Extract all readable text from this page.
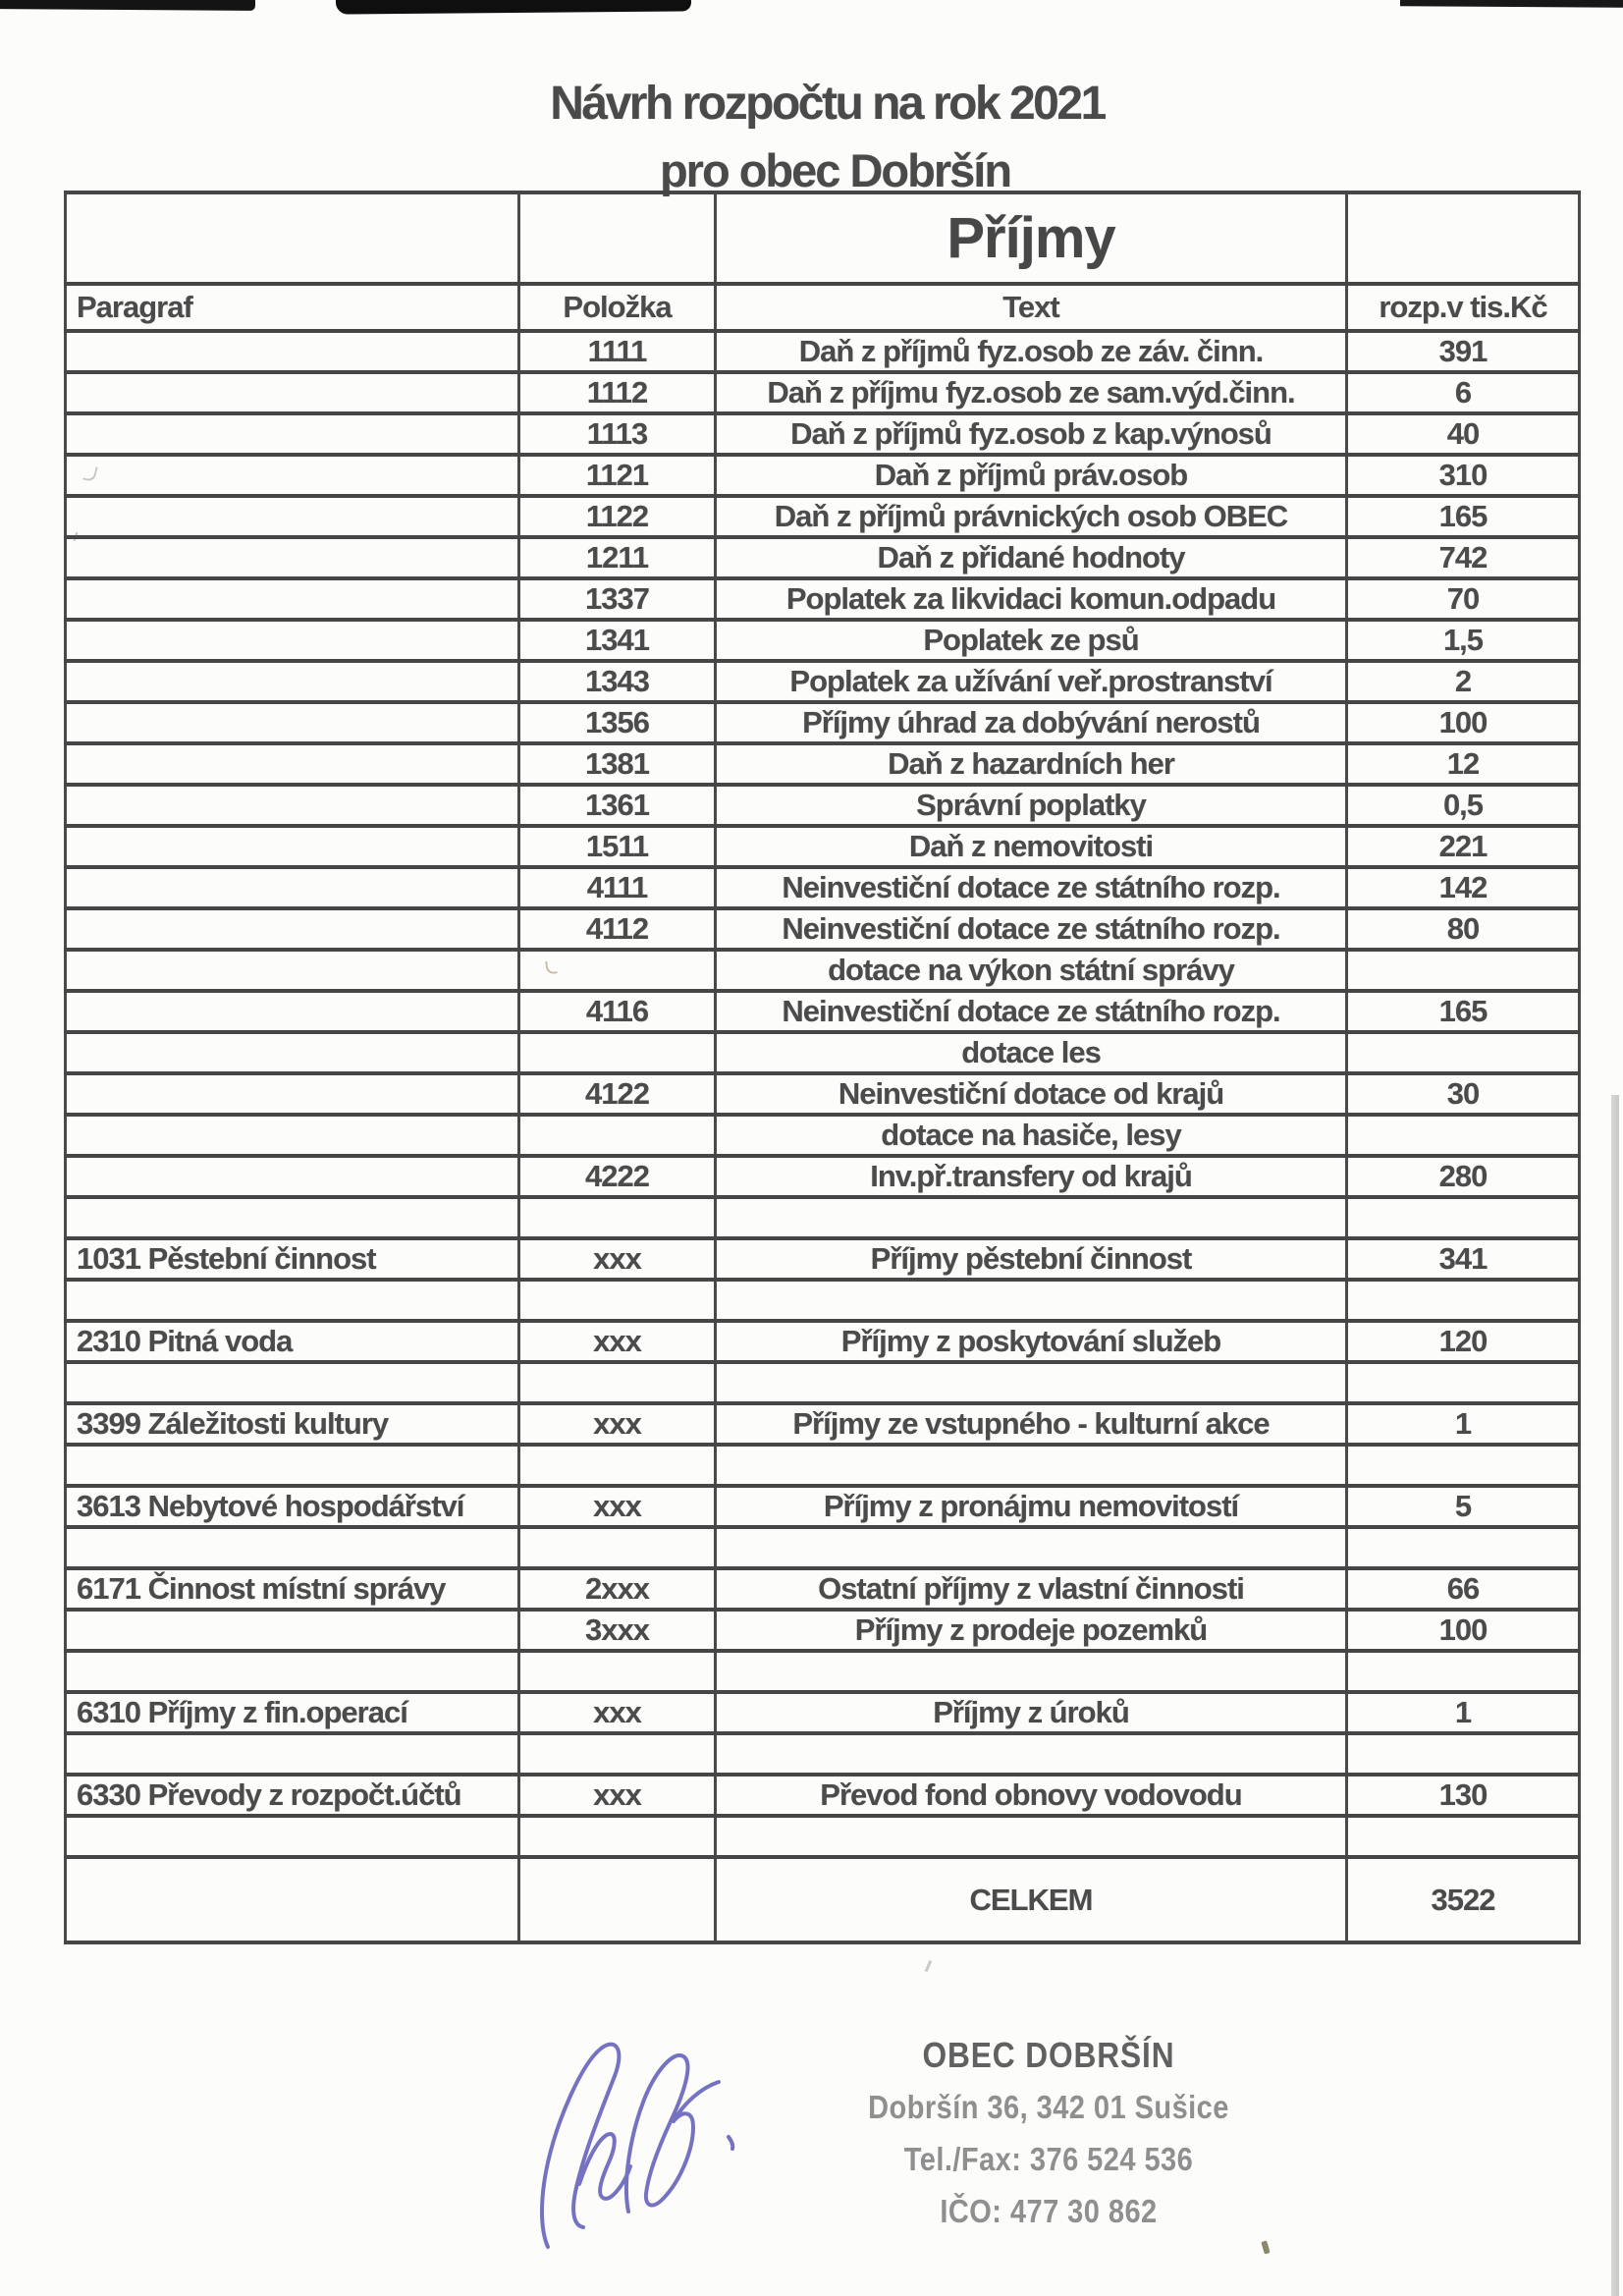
Návrh rozpočtu na rok 2021
pro obec Dobršín
		Příjmy	
Paragraf	Položka	Text	rozp.v tis.Kč
	1111	Daň z příjmů fyz.osob ze záv. činn.	391
	1112	Daň z příjmu fyz.osob ze sam.výd.činn.	6
	1113	Daň z příjmů fyz.osob z kap.výnosů	40
	1121	Daň z příjmů práv.osob	310
	1122	Daň z příjmů právnických osob OBEC	165
	1211	Daň z přidané hodnoty	742
	1337	Poplatek za likvidaci komun.odpadu	70
	1341	Poplatek ze psů	1,5
	1343	Poplatek za užívání veř.prostranství	2
	1356	Příjmy úhrad za dobývání nerostů	100
	1381	Daň z hazardních her	12
	1361	Správní poplatky	0,5
	1511	Daň z nemovitosti	221
	4111	Neinvestiční dotace ze státního rozp.	142
	4112	Neinvestiční dotace ze státního rozp.	80
		dotace na výkon státní správy	
	4116	Neinvestiční dotace ze státního rozp.	165
		dotace les	
	4122	Neinvestiční dotace od krajů	30
		dotace na hasiče, lesy	
	4222	Inv.př.transfery od krajů	280

1031 Pěstební činnost	xxx	Příjmy pěstební činnost	341

2310 Pitná voda	xxx	Příjmy z poskytování služeb	120

3399 Záležitosti kultury	xxx	Příjmy ze vstupného - kulturní akce	1

3613 Nebytové hospodářství	xxx	Příjmy z pronájmu nemovitostí	5

6171 Činnost místní správy	2xxx	Ostatní příjmy z vlastní činnosti	66
	3xxx	Příjmy z prodeje pozemků	100

6310 Příjmy z fin.operací	xxx	Příjmy z úroků	1

6330 Převody z rozpočt.účtů	xxx	Převod fond obnovy vodovodu	130

		CELKEM	3522
OBEC DOBRŠÍN
Dobršín 36, 342 01 Sušice
Tel./Fax: 376 524 536
IČO: 477 30 862
